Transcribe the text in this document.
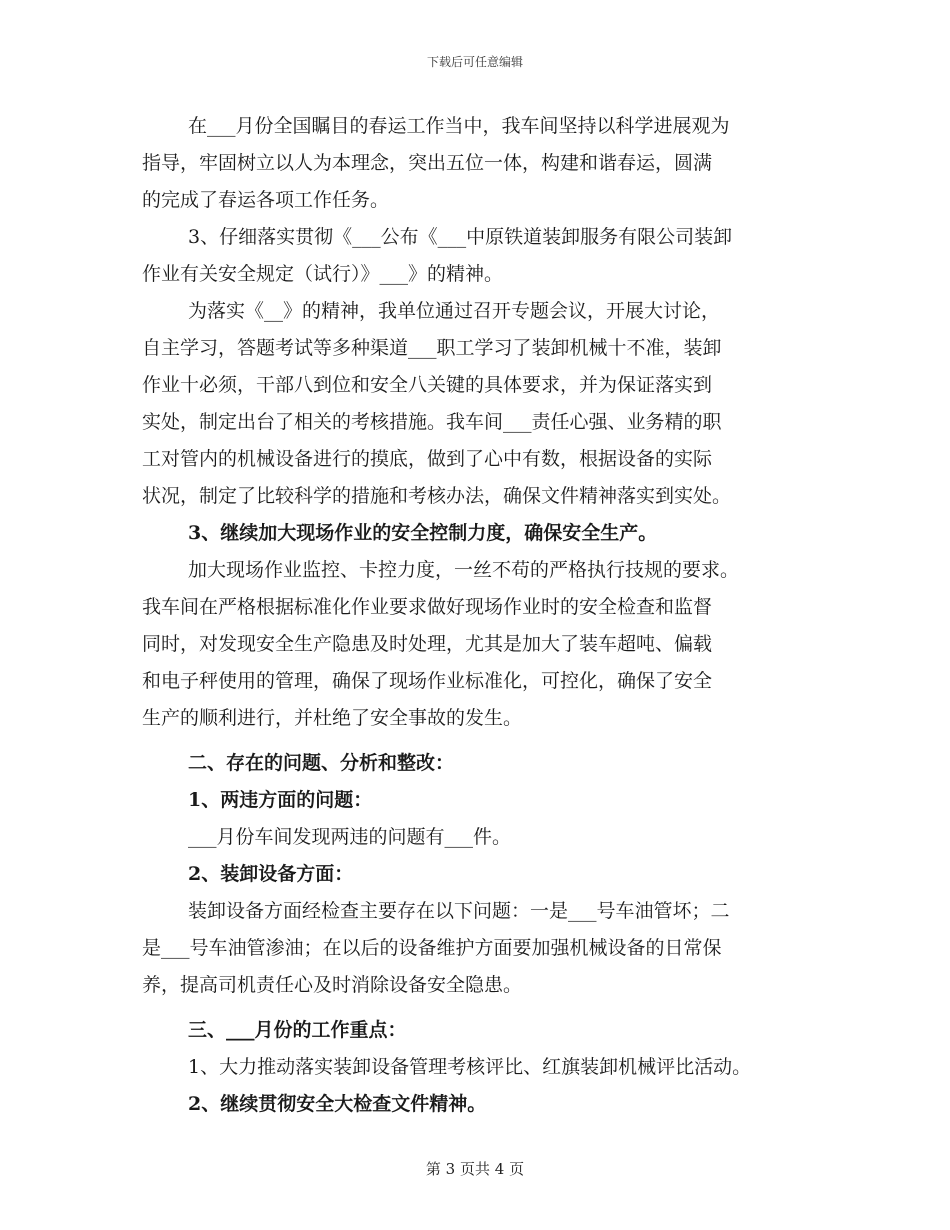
下载后可任意编辑
在___月份全国瞩目的春运工作当中，我车间坚持以科学进展观为
指导，牢固树立以人为本理念，突出五位一体，构建和谐春运，圆满
的完成了春运各项工作任务。
3、仔细落实贯彻《___公布《___中原铁道装卸服务有限公司装卸
作业有关安全规定（试行）》___》的精神。
为落实《__》的精神，我单位通过召开专题会议，开展大讨论，
自主学习，答题考试等多种渠道___职工学习了装卸机械十不准，装卸
作业十必须，干部八到位和安全八关键的具体要求，并为保证落实到
实处，制定出台了相关的考核措施。我车间___责任心强、业务精的职
工对管内的机械设备进行的摸底，做到了心中有数，根据设备的实际
状况，制定了比较科学的措施和考核办法，确保文件精神落实到实处。
3、继续加大现场作业的安全控制力度，确保安全生产。
加大现场作业监控、卡控力度，一丝不苟的严格执行技规的要求。
我车间在严格根据标准化作业要求做好现场作业时的安全检查和监督
同时，对发现安全生产隐患及时处理，尤其是加大了装车超吨、偏载
和电子秤使用的管理，确保了现场作业标准化，可控化，确保了安全
生产的顺利进行，并杜绝了安全事故的发生。
二、存在的问题、分析和整改：
1、两违方面的问题：
___月份车间发现两违的问题有___件。
2、装卸设备方面：
装卸设备方面经检查主要存在以下问题：一是___号车油管坏；二
是___号车油管渗油；在以后的设备维护方面要加强机械设备的日常保
养，提高司机责任心及时消除设备安全隐患。
三、___月份的工作重点：
1、大力推动落实装卸设备管理考核评比、红旗装卸机械评比活动。
2、继续贯彻安全大检查文件精神。
第 3 页共 4 页
